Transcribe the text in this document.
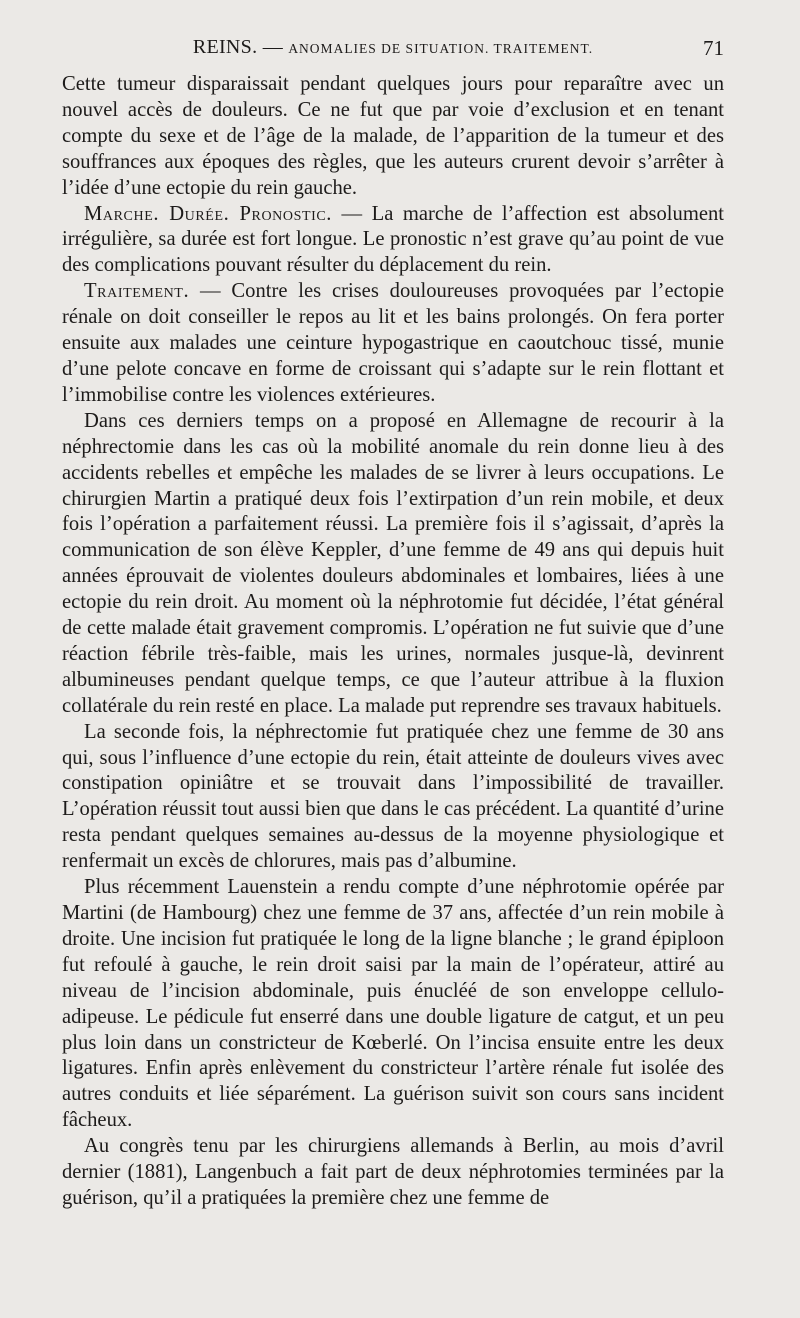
REINS. — ANOMALIES DE SITUATION. TRAITEMENT.	71

Cette tumeur disparaissait pendant quelques jours pour reparaître avec un nouvel accès de douleurs. Ce ne fut que par voie d’exclusion et en tenant compte du sexe et de l’âge de la malade, de l’apparition de la tumeur et des souffrances aux époques des règles, que les auteurs crurent devoir s’arrêter à l’idée d’une ectopie du rein gauche.

Marche. Durée. Pronostic. — La marche de l’affection est absolument irrégulière, sa durée est fort longue. Le pronostic n’est grave qu’au point de vue des complications pouvant résulter du déplacement du rein.

Traitement. — Contre les crises douloureuses provoquées par l’ectopie rénale on doit conseiller le repos au lit et les bains prolongés. On fera porter ensuite aux malades une ceinture hypogastrique en caoutchouc tissé, munie d’une pelote concave en forme de croissant qui s’adapte sur le rein flottant et l’immobilise contre les violences extérieures.

Dans ces derniers temps on a proposé en Allemagne de recourir à la néphrectomie dans les cas où la mobilité anomale du rein donne lieu à des accidents rebelles et empêche les malades de se livrer à leurs occupations. Le chirurgien Martin a pratiqué deux fois l’extirpation d’un rein mobile, et deux fois l’opération a parfaitement réussi. La première fois il s’agissait, d’après la communication de son élève Keppler, d’une femme de 49 ans qui depuis huit années éprouvait de violentes douleurs abdominales et lombaires, liées à une ectopie du rein droit. Au moment où la néphrotomie fut décidée, l’état général de cette malade était gravement compromis. L’opération ne fut suivie que d’une réaction fébrile très-faible, mais les urines, normales jusque-là, devinrent albumineuses pendant quelque temps, ce que l’auteur attribue à la fluxion collatérale du rein resté en place. La malade put reprendre ses travaux habituels.

La seconde fois, la néphrectomie fut pratiquée chez une femme de 30 ans qui, sous l’influence d’une ectopie du rein, était atteinte de douleurs vives avec constipation opiniâtre et se trouvait dans l’impossibilité de travailler. L’opération réussit tout aussi bien que dans le cas précédent. La quantité d’urine resta pendant quelques semaines au-dessus de la moyenne physiologique et renfermait un excès de chlorures, mais pas d’albumine.

Plus récemment Lauenstein a rendu compte d’une néphrotomie opérée par Martini (de Hambourg) chez une femme de 37 ans, affectée d’un rein mobile à droite. Une incision fut pratiquée le long de la ligne blanche ; le grand épiploon fut refoulé à gauche, le rein droit saisi par la main de l’opérateur, attiré au niveau de l’incision abdominale, puis énucléé de son enveloppe cellulo-adipeuse. Le pédicule fut enserré dans une double ligature de catgut, et un peu plus loin dans un constricteur de Kœberlé. On l’incisa ensuite entre les deux ligatures. Enfin après enlèvement du constricteur l’artère rénale fut isolée des autres conduits et liée séparément. La guérison suivit son cours sans incident fâcheux.

Au congrès tenu par les chirurgiens allemands à Berlin, au mois d’avril dernier (1881), Langenbuch a fait part de deux néphrotomies terminées par la guérison, qu’il a pratiquées la première chez une femme de
